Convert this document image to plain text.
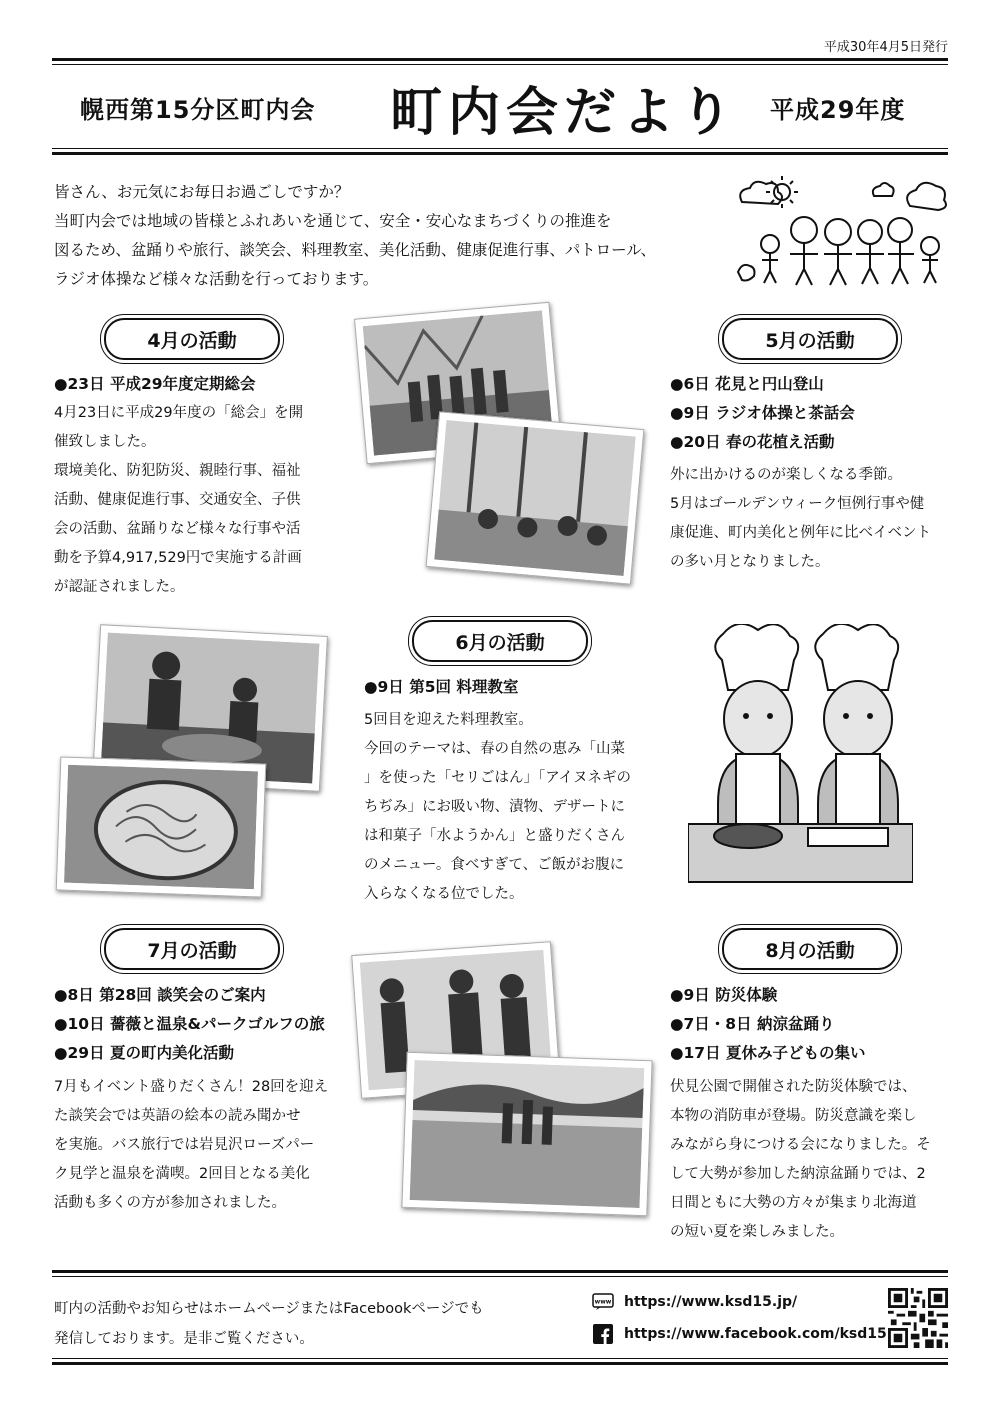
平成30年4月5日発行
幌西第15分区町内会 町内会だより 平成29年度
皆さん、お元気にお毎日お過ごしですか？
当町内会では地域の皆様とふれあいを通じて、安全・安心なまちづくりの推進を
図るため、盆踊りや旅行、談笑会、料理教室、美化活動、健康促進行事、パトロール、
ラジオ体操など様々な活動を行っております。
4月の活動
●23日 平成29年度定期総会
4月23日に平成29年度の「総会」を開
催致しました。
環境美化、防犯防災、親睦行事、福祉
活動、健康促進行事、交通安全、子供
会の活動、盆踊りなど様々な行事や活
動を予算4,917,529円で実施する計画
が認証されました。
5月の活動
●6日 花見と円山登山
●9日 ラジオ体操と茶話会
●20日 春の花植え活動
外に出かけるのが楽しくなる季節。
5月はゴールデンウィーク恒例行事や健
康促進、町内美化と例年に比べイベント
の多い月となりました。
6月の活動
●9日 第5回 料理教室
5回目を迎えた料理教室。
今回のテーマは、春の自然の恵み「山菜
」を使った「セリごはん」「アイヌネギの
ちぢみ」にお吸い物、漬物、デザートに
は和菓子「水ようかん」と盛りだくさん
のメニュー。食べすぎて、ご飯がお腹に
入らなくなる位でした。
7月の活動
●8日 第28回 談笑会のご案内
●10日 薔薇と温泉&パークゴルフの旅
●29日 夏の町内美化活動
7月もイベント盛りだくさん！28回を迎え
た談笑会では英語の絵本の読み聞かせ
を実施。バス旅行では岩見沢ローズパー
ク見学と温泉を満喫。2回目となる美化
活動も多くの方が参加されました。
8月の活動
●9日 防災体験
●7日・8日 納涼盆踊り
●17日 夏休み子どもの集い
伏見公園で開催された防災体験では、
本物の消防車が登場。防災意識を楽し
みながら身につける会になりました。そ
して大勢が参加した納涼盆踊りでは、2
日間ともに大勢の方々が集まり北海道
の短い夏を楽しみました。
町内の活動やお知らせはホームページまたはFacebookページでも
発信しております。是非ご覧ください。
www https://www.ksd15.jp/
https://www.facebook.com/ksd15
